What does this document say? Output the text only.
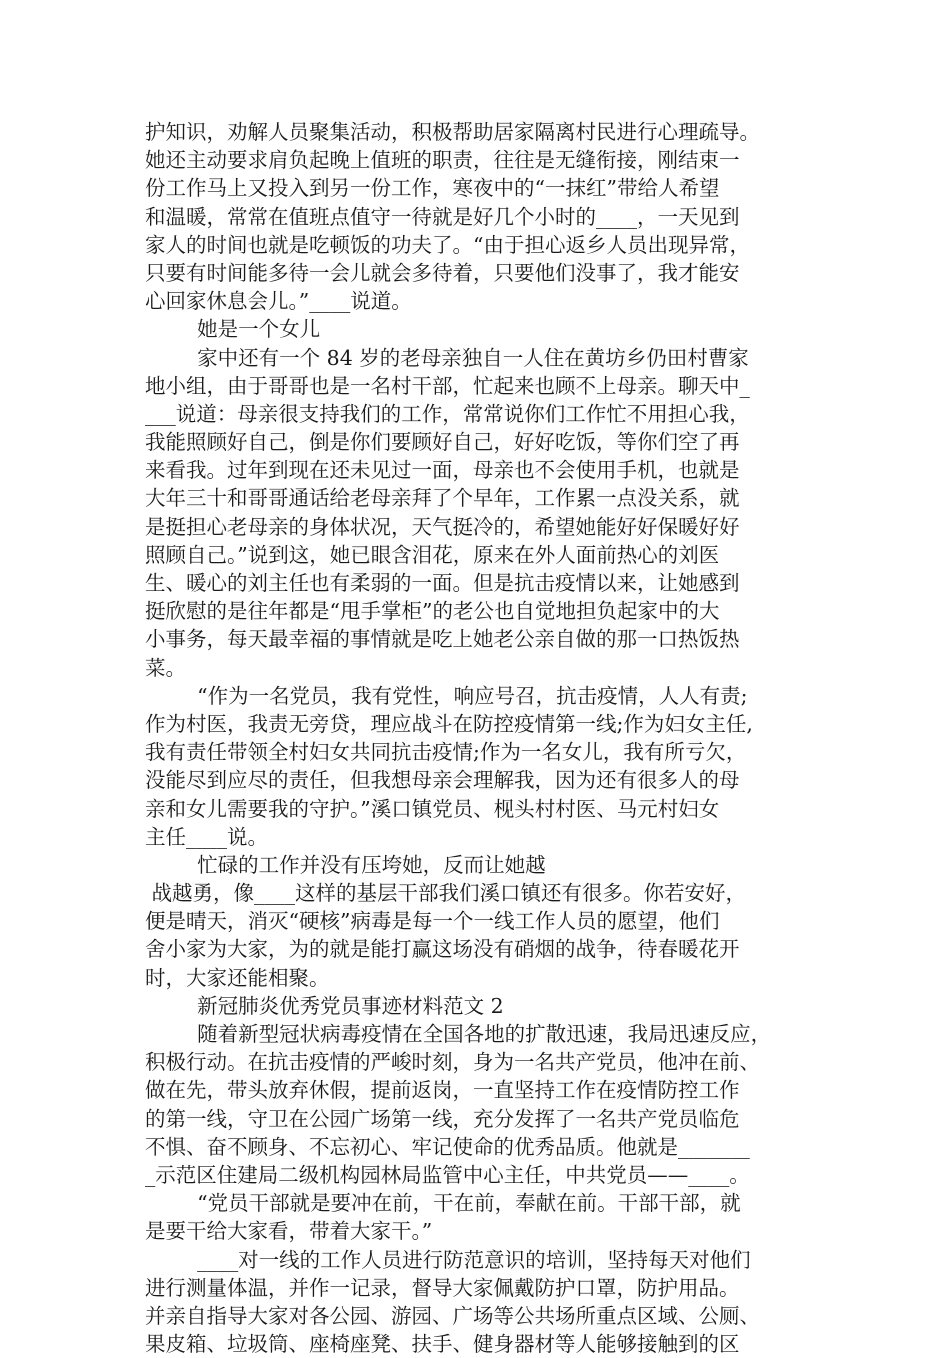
护知识，劝解人员聚集活动，积极帮助居家隔离村民进行心理疏导。
她还主动要求肩负起晚上值班的职责，往往是无缝衔接，刚结束一
份工作马上又投入到另一份工作，寒夜中的“一抹红”带给人希望
和温暖，常常在值班点值守一待就是好几个小时的____，一天见到
家人的时间也就是吃顿饭的功夫了。“由于担心返乡人员出现异常，
只要有时间能多待一会儿就会多待着，只要他们没事了，我才能安
心回家休息会儿。”____说道。
她是一个女儿
家中还有一个 84 岁的老母亲独自一人住在黄坊乡仍田村曹家
地小组，由于哥哥也是一名村干部，忙起来也顾不上母亲。聊天中_
___说道：母亲很支持我们的工作，常常说你们工作忙不用担心我，
我能照顾好自己，倒是你们要顾好自己，好好吃饭，等你们空了再
来看我。过年到现在还未见过一面，母亲也不会使用手机，也就是
大年三十和哥哥通话给老母亲拜了个早年，工作累一点没关系，就
是挺担心老母亲的身体状况，天气挺冷的，希望她能好好保暖好好
照顾自己。”说到这，她已眼含泪花，原来在外人面前热心的刘医
生、暖心的刘主任也有柔弱的一面。但是抗击疫情以来，让她感到
挺欣慰的是往年都是“甩手掌柜”的老公也自觉地担负起家中的大
小事务，每天最幸福的事情就是吃上她老公亲自做的那一口热饭热
菜。
“作为一名党员，我有党性，响应号召，抗击疫情，人人有责;
作为村医，我责无旁贷，理应战斗在防控疫情第一线;作为妇女主任,
我有责任带领全村妇女共同抗击疫情;作为一名女儿，我有所亏欠，
没能尽到应尽的责任，但我想母亲会理解我，因为还有很多人的母
亲和女儿需要我的守护。”溪口镇党员、枧头村村医、马元村妇女
主任____说。
忙碌的工作并没有压垮她，反而让她越
战越勇，像____这样的基层干部我们溪口镇还有很多。你若安好，
便是晴天，消灭“硬核”病毒是每一个一线工作人员的愿望，他们
舍小家为大家，为的就是能打赢这场没有硝烟的战争，待春暖花开
时，大家还能相聚。
新冠肺炎优秀党员事迹材料范文 2
随着新型冠状病毒疫情在全国各地的扩散迅速，我局迅速反应，
积极行动。在抗击疫情的严峻时刻，身为一名共产党员，他冲在前、
做在先，带头放弃休假，提前返岗，一直坚持工作在疫情防控工作
的第一线，守卫在公园广场第一线，充分发挥了一名共产党员临危
不惧、奋不顾身、不忘初心、牢记使命的优秀品质。他就是_______
_示范区住建局二级机构园林局监管中心主任，中共党员——____。
“党员干部就是要冲在前，干在前，奉献在前。干部干部，就
是要干给大家看，带着大家干。”
____对一线的工作人员进行防范意识的培训，坚持每天对他们
进行测量体温，并作一记录，督导大家佩戴防护口罩，防护用品。
并亲自指导大家对各公园、游园、广场等公共场所重点区域、公厕、
果皮箱、垃圾筒、座椅座凳、扶手、健身器材等人能够接触到的区
